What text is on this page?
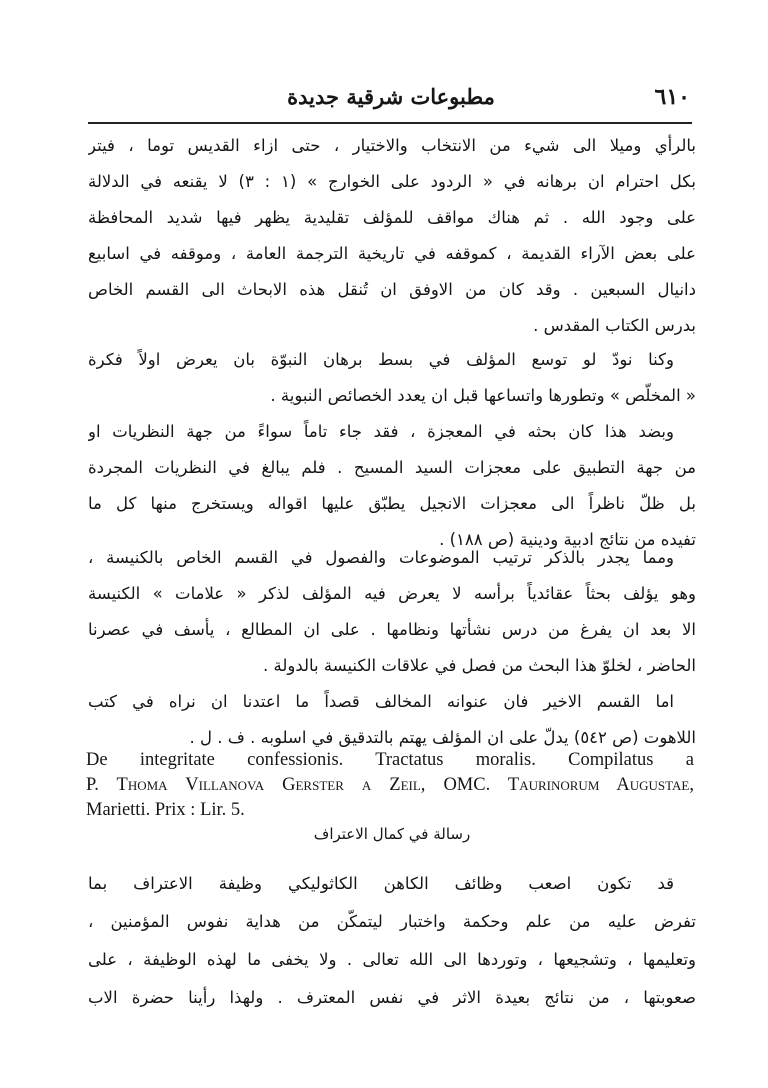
٦١٠
مطبوعات شرقية جديدة
بالرأي وميلا الى شيء من الانتخاب والاختيار ، حتى ازاء القديس توما ، فيتر
بكل احترام ان برهانه في « الردود على الخوارج » (١ : ٣) لا يقنعه في الدلالة
على وجود الله . ثم هناك مواقف للمؤلف تقليدية يظهر فيها شديد المحافظة
على بعض الآراء القديمة ، كموقفه في تاريخية الترجمة العامة ، وموقفه في اسابيع
دانيال السبعين . وقد كان من الاوفق ان تُنقل هذه الابحاث الى القسم الخاص
بدرس الكتاب المقدس .
وكنا نودّ لو توسع المؤلف في بسط برهان النبوّة بان يعرض اولاً فكرة
« المخلّص » وتطورها واتساعها قبل ان يعدد الخصائص النبوية .
وبضد هذا كان بحثه في المعجزة ، فقد جاء تاماً سواءً من جهة النظريات او
من جهة التطبيق على معجزات السيد المسيح . فلم يبالغ في النظريات المجردة
بل ظلّ ناظراً الى معجزات الانجيل يطبّق عليها اقواله ويستخرج منها كل ما
تفيده من نتائج ادبية ودينية (ص ١٨٨) .
ومما يجدر بالذكر ترتيب الموضوعات والفصول في القسم الخاص بالكنيسة ،
وهو يؤلف بحثاً عقائدياً برأسه لا يعرض فيه المؤلف لذكر « علامات » الكنيسة
الا بعد ان يفرغ من درس نشأتها ونظامها . على ان المطالع ، يأسف في عصرنا
الحاضر ، لخلوّ هذا البحث من فصل في علاقات الكنيسة بالدولة .
اما القسم الاخير فان عنوانه المخالف قصداً ما اعتدنا ان نراه في كتب
اللاهوت (ص ٥٤٢) يدلّ على ان المؤلف يهتم بالتدقيق في اسلوبه . ف . ل .
De integritate confessionis. Tractatus moralis. Compilatus a
P. Thoma Villanova Gerster a Zeil, OMC. Taurinorum Augustae,
Marietti. Prix : Lir. 5.
رسالة في كمال الاعتراف
قد تكون اصعب وظائف الكاهن الكاثوليكي وظيفة الاعتراف بما
تفرض عليه من علم وحكمة واختبار ليتمكّن من هداية نفوس المؤمنين ،
وتعليمها ، وتشجيعها ، وتوردها الى الله تعالى . ولا يخفى ما لهذه الوظيفة ، على
صعوبتها ، من نتائج بعيدة الاثر في نفس المعترف . ولهذا رأينا حضرة الاب
